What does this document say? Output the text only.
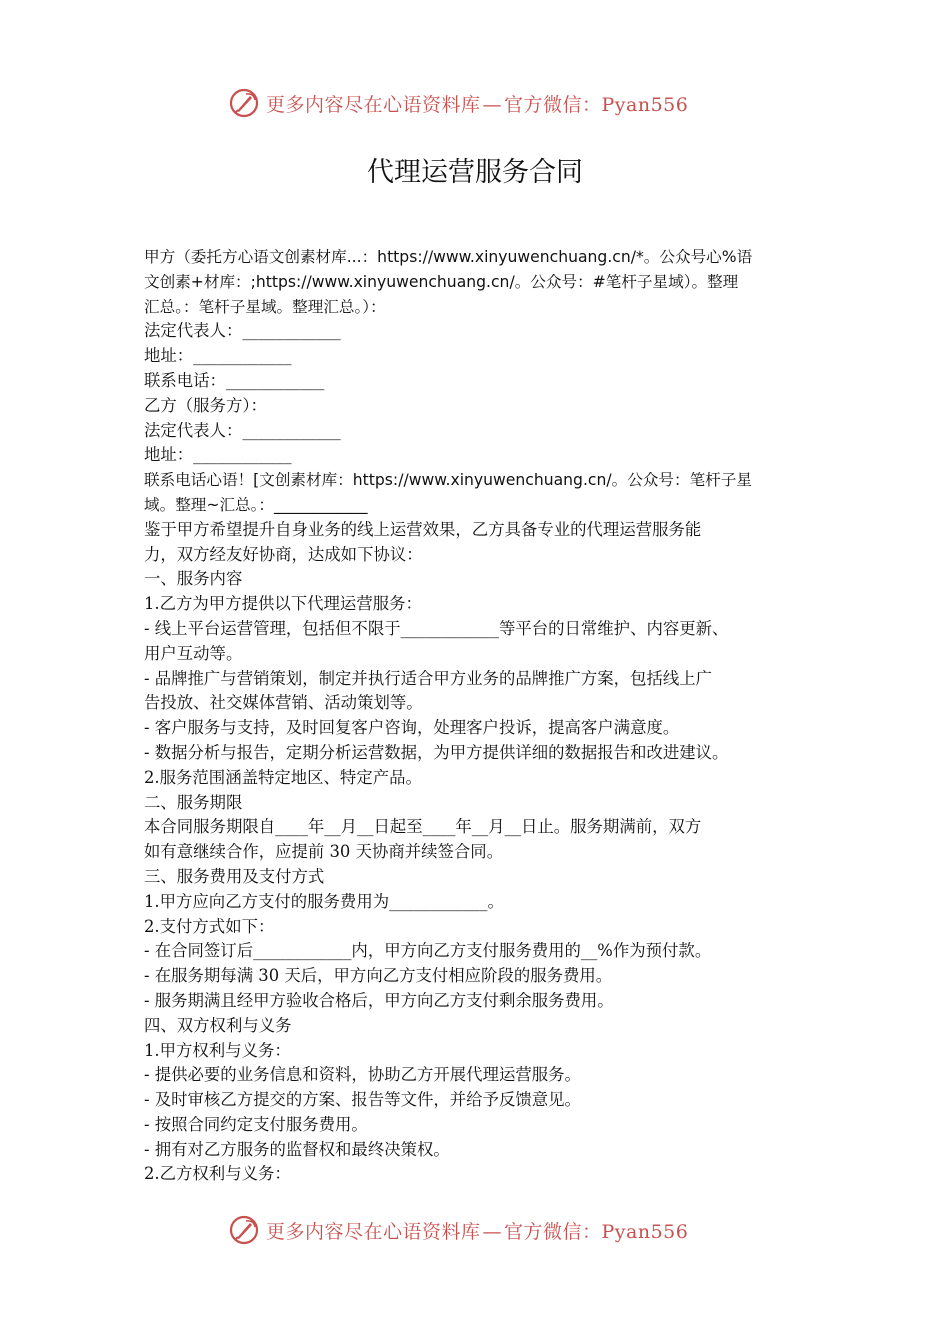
更多内容尽在心语资料库 — 官方微信：Pyan556
代理运营服务合同
甲方（委托方心语文创素材库...：https://www.xinyuwenchuang.cn/*。公众号心%语
文创素+材库：;https://www.xinyuwenchuang.cn/。公众号：#笔杆子星域）。整理
汇总。：笔杆子星域。整理汇总。）：
法定代表人：____________
地址：____________
联系电话：____________
乙方（服务方）：
法定代表人：____________
地址：____________
联系电话心语！[文创素材库：https://www.xinyuwenchuang.cn/。公众号：笔杆子星
域。整理~汇总。：____________
鉴于甲方希望提升自身业务的线上运营效果，乙方具备专业的代理运营服务能
力，双方经友好协商，达成如下协议：
一、服务内容
1.乙方为甲方提供以下代理运营服务：
- 线上平台运营管理，包括但不限于____________等平台的日常维护、内容更新、
用户互动等。
- 品牌推广与营销策划，制定并执行适合甲方业务的品牌推广方案，包括线上广
告投放、社交媒体营销、活动策划等。
- 客户服务与支持，及时回复客户咨询，处理客户投诉，提高客户满意度。
- 数据分析与报告，定期分析运营数据，为甲方提供详细的数据报告和改进建议。
2.服务范围涵盖特定地区、特定产品。
二、服务期限
本合同服务期限自____年__月__日起至____年__月__日止。服务期满前，双方
如有意继续合作，应提前 30 天协商并续签合同。
三、服务费用及支付方式
1.甲方应向乙方支付的服务费用为____________。
2.支付方式如下：
- 在合同签订后____________内，甲方向乙方支付服务费用的__%作为预付款。
- 在服务期每满 30 天后，甲方向乙方支付相应阶段的服务费用。
- 服务期满且经甲方验收合格后，甲方向乙方支付剩余服务费用。
四、双方权利与义务
1.甲方权利与义务：
- 提供必要的业务信息和资料，协助乙方开展代理运营服务。
- 及时审核乙方提交的方案、报告等文件，并给予反馈意见。
- 按照合同约定支付服务费用。
- 拥有对乙方服务的监督权和最终决策权。
2.乙方权利与义务：
更多内容尽在心语资料库 — 官方微信：Pyan556
